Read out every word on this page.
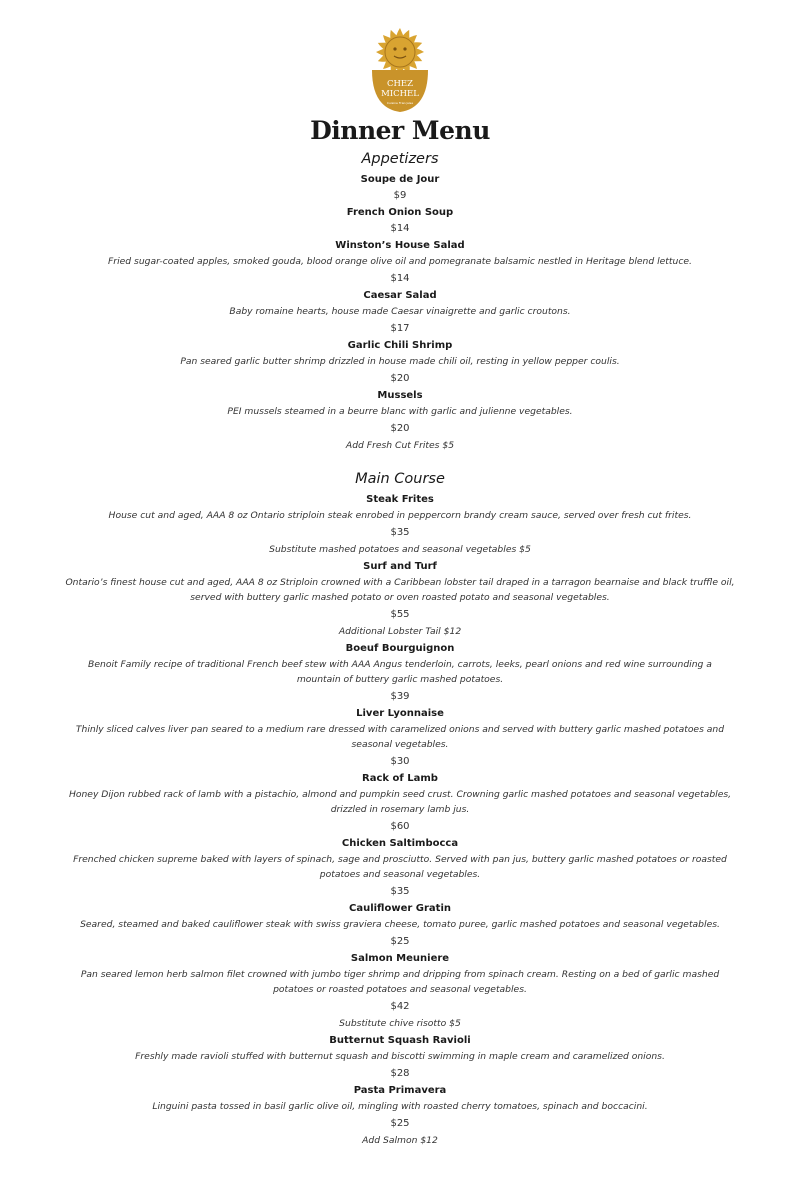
CHEZ
MICHEL
Cuisine Française
Dinner Menu
Appetizers
Soupe de Jour
$9
French Onion Soup
$14
Winston’s House Salad
Fried sugar-coated apples, smoked gouda, blood orange olive oil and pomegranate balsamic nestled in Heritage blend lettuce.
$14
Caesar Salad
Baby romaine hearts, house made Caesar vinaigrette and garlic croutons.
$17
Garlic Chili Shrimp
Pan seared garlic butter shrimp drizzled in house made chili oil, resting in yellow pepper coulis.
$20
Mussels
PEI mussels steamed in a beurre blanc with garlic and julienne vegetables.
$20
Add Fresh Cut Frites $5
Main Course
Steak Frites
House cut and aged, AAA 8 oz Ontario striploin steak enrobed in peppercorn brandy cream sauce, served over fresh cut frites.
$35
Substitute mashed potatoes and seasonal vegetables $5
Surf and Turf
Ontario’s finest house cut and aged, AAA 8 oz Striploin crowned with a Caribbean lobster tail draped in a tarragon bearnaise and black truffle oil, served with buttery garlic mashed potato or oven roasted potato and seasonal vegetables.
$55
Additional Lobster Tail $12
Boeuf Bourguignon
Benoit Family recipe of traditional French beef stew with AAA Angus tenderloin, carrots, leeks, pearl onions and red wine surrounding a mountain of buttery garlic mashed potatoes.
$39
Liver Lyonnaise
Thinly sliced calves liver pan seared to a medium rare dressed with caramelized onions and served with buttery garlic mashed potatoes and seasonal vegetables.
$30
Rack of Lamb
Honey Dijon rubbed rack of lamb with a pistachio, almond and pumpkin seed crust. Crowning garlic mashed potatoes and seasonal vegetables, drizzled in rosemary lamb jus.
$60
Chicken Saltimbocca
Frenched chicken supreme baked with layers of spinach, sage and prosciutto. Served with pan jus, buttery garlic mashed potatoes or roasted potatoes and seasonal vegetables.
$35
Cauliflower Gratin
Seared, steamed and baked cauliflower steak with swiss graviera cheese, tomato puree, garlic mashed potatoes and seasonal vegetables.
$25
Salmon Meuniere
Pan seared lemon herb salmon filet crowned with jumbo tiger shrimp and dripping from spinach cream. Resting on a bed of garlic mashed potatoes or roasted potatoes and seasonal vegetables.
$42
Substitute chive risotto $5
Butternut Squash Ravioli
Freshly made ravioli stuffed with butternut squash and biscotti swimming in maple cream and caramelized onions.
$28
Pasta Primavera
Linguini pasta tossed in basil garlic olive oil, mingling with roasted cherry tomatoes, spinach and boccacini.
$25
Add Salmon $12
